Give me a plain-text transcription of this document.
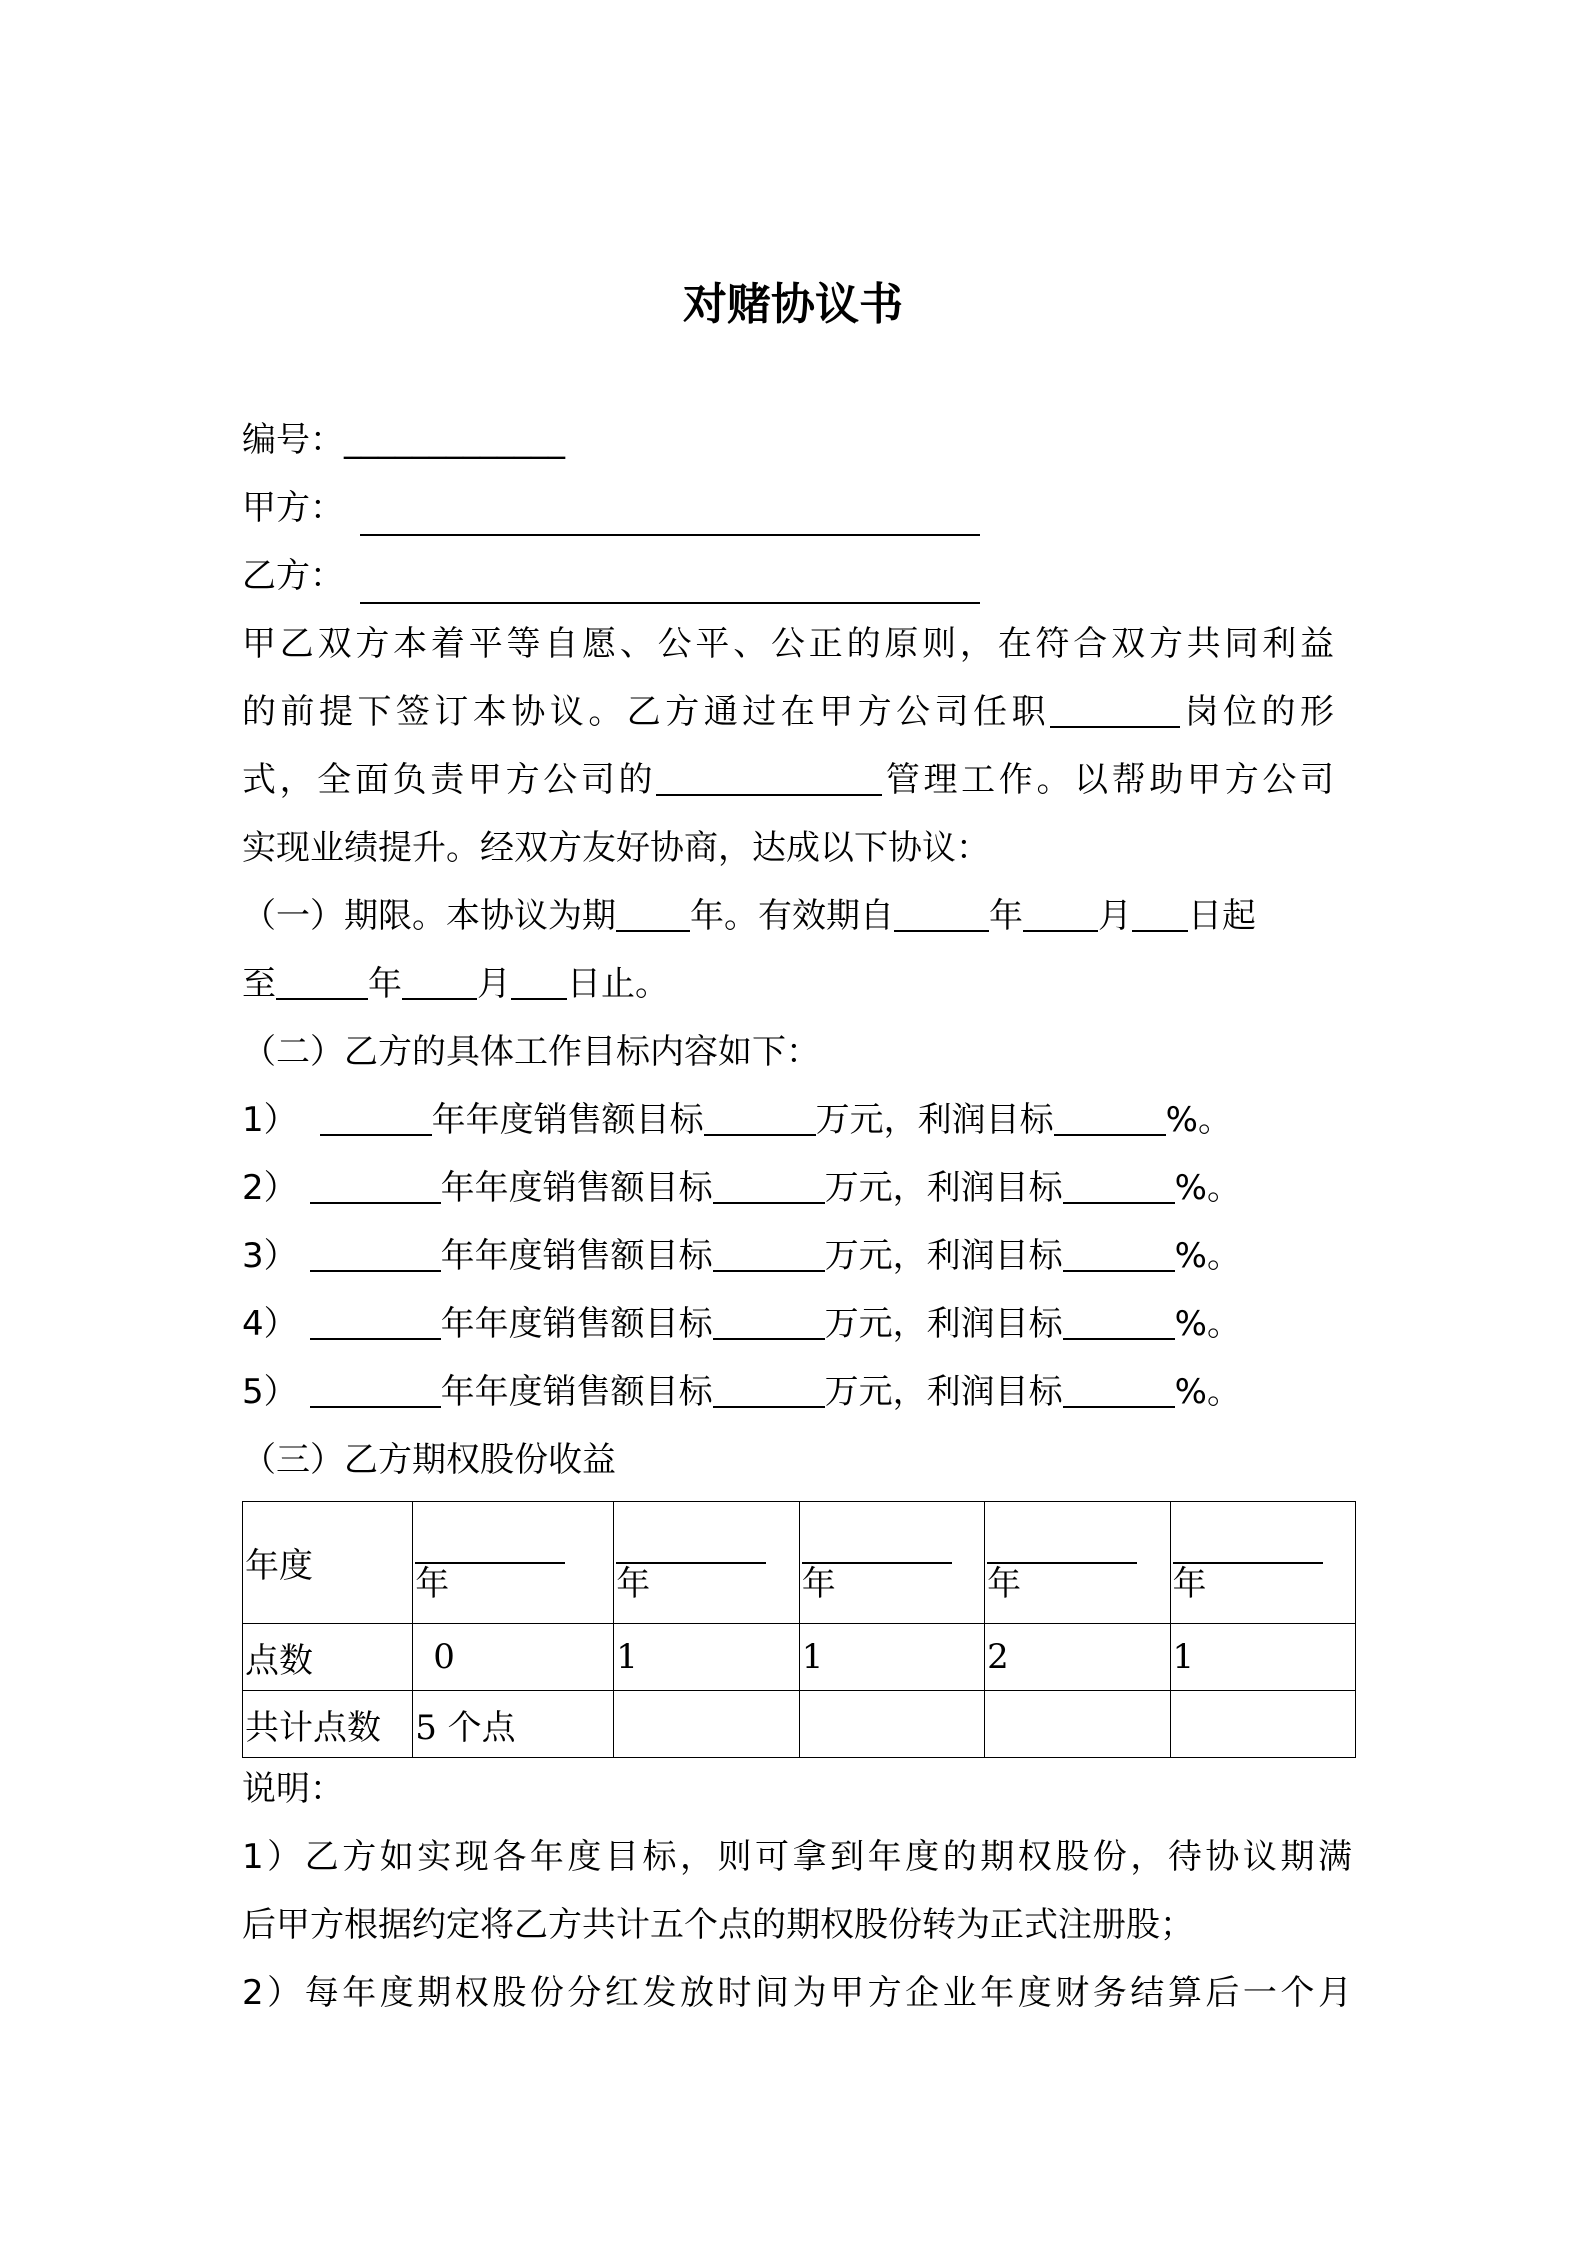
对赌协议书
编号：_____________
甲方：
乙方：
甲乙双方本着平等自愿、公平、公正的原则，在符合双方共同利益
的前提下签订本协议。乙方通过在甲方公司任职	岗位的形
式，全面负责甲方公司的	管理工作。以帮助甲方公司
实现业绩提升。经双方友好协商，达成以下协议：
（一）期限。本协议为期 年。有效期自	年 月 日起
至	年 月 日止。
（二）乙方的具体工作目标内容如下：
1）	年年度销售额目标	万元，利润目标	%。
2）	年年度销售额目标	万元，利润目标	%。
3）	年年度销售额目标	万元，利润目标	%。
4）	年年度销售额目标	万元，利润目标	%。
5）	年年度销售额目标	万元，利润目标	%。
（三）乙方期权股份收益
年度	年	年	年	年	年

点数	0	1	1	2	1
共计点数	5 个点				
说明：
1）乙方如实现各年度目标，则可拿到年度的期权股份，待协议期满
后甲方根据约定将乙方共计五个点的期权股份转为正式注册股；
2）每年度期权股份分红发放时间为甲方企业年度财务结算后一个月
